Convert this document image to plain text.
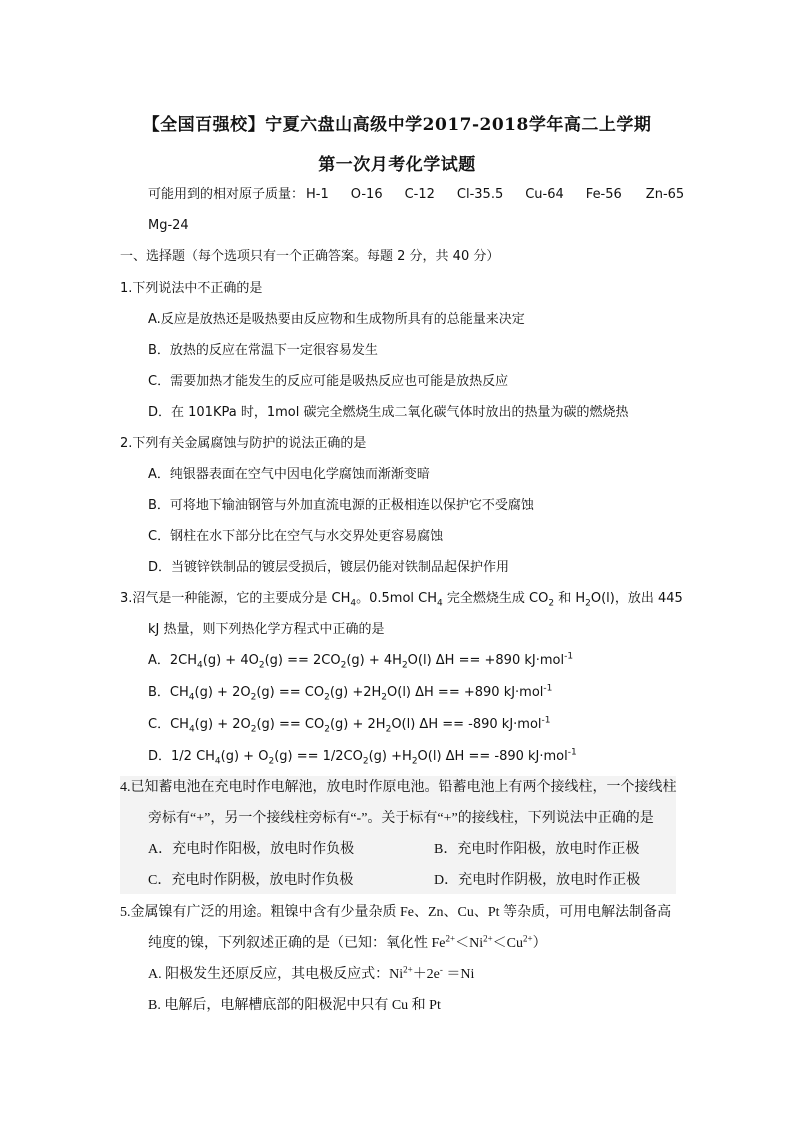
【全国百强校】宁夏六盘山高级中学2017-2018学年高二上学期
第一次月考化学试题
可能用到的相对原子质量： H-1 O-16 C-12 Cl-35.5 Cu-64 Fe-56 Zn-65
Mg-24
一、选择题（每个选项只有一个正确答案。每题 2 分，共 40 分）
1.下列说法中不正确的是
A.反应是放热还是吸热要由反应物和生成物所具有的总能量来决定
B．放热的反应在常温下一定很容易发生
C．需要加热才能发生的反应可能是吸热反应也可能是放热反应
D．在 101KPa 时，1mol 碳完全燃烧生成二氧化碳气体时放出的热量为碳的燃烧热
2.下列有关金属腐蚀与防护的说法正确的是
A．纯银器表面在空气中因电化学腐蚀而渐渐变暗
B．可将地下输油钢管与外加直流电源的正极相连以保护它不受腐蚀
C．钢柱在水下部分比在空气与水交界处更容易腐蚀
D．当镀锌铁制品的镀层受损后，镀层仍能对铁制品起保护作用
3.沼气是一种能源，它的主要成分是 $CH_4$。0.5mol $CH_4$ 完全燃烧生成 $CO_2$ 和 $H_2O(l)$，放出 445
kJ 热量，则下列热化学方程式中正确的是
A．$2CH_4(g) + 4O_2(g) == 2CO_2(g) + 4H_2O(l) \Delta H == +890$ kJ·mol$^{-1}$
B．$CH_4(g) + 2O_2(g) == CO_2(g) +2H_2O(l) \Delta H == +890$ kJ·mol$^{-1}$
C．$CH_4(g) + 2O_2(g) == CO_2(g) + 2H_2O(l) \Delta H == -890$ kJ·mol$^{-1}$
D．1/2 $CH_4(g) + O_2(g) == 1/2CO_2(g) +H_2O(l) \Delta H == -890$ kJ·mol$^{-1}$
4.已知蓄电池在充电时作电解池，放电时作原电池。铅蓄电池上有两个接线柱，一个接线柱
旁标有“+”，另一个接线柱旁标有“-”。关于标有“+”的接线柱，下列说法中正确的是
A．充电时作阳极，放电时作负极	B．充电时作阳极，放电时作正极
C．充电时作阴极，放电时作负极	D．充电时作阴极，放电时作正极
5.金属镍有广泛的用途。粗镍中含有少量杂质 Fe、Zn、Cu、Pt 等杂质，可用电解法制备高
纯度的镍，下列叙述正确的是（已知：氧化性 $Fe^{2+}<Ni^{2+}<Cu^{2+}$）
A. 阳极发生还原反应，其电极反应式：$Ni^{2+}+2e^- =Ni$
B. 电解后，电解槽底部的阳极泥中只有 Cu 和 Pt
